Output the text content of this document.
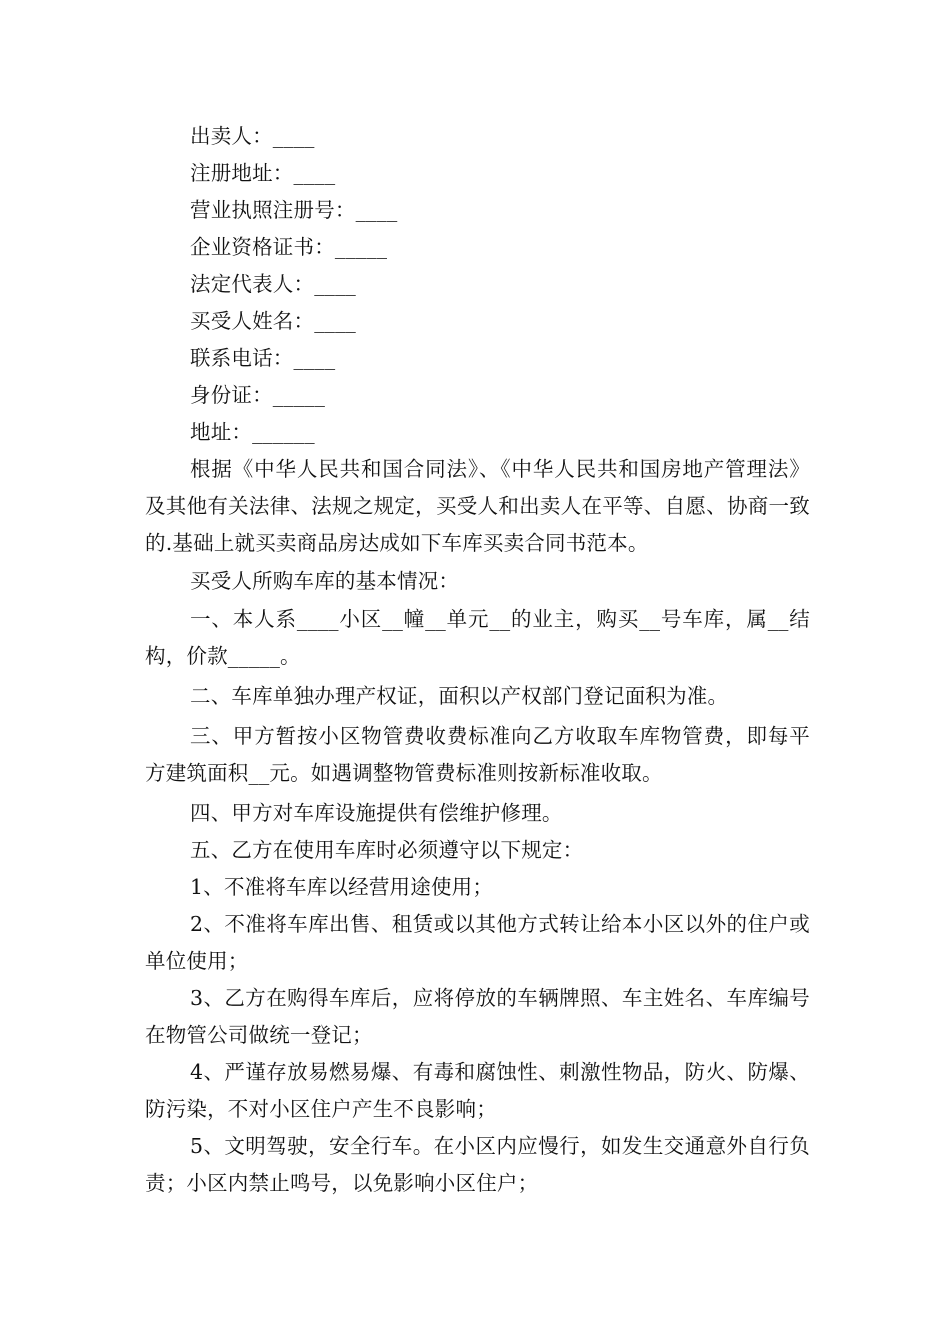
出卖人：____
注册地址：____
营业执照注册号：____
企业资格证书：_____
法定代表人：____
买受人姓名：____
联系电话：____
身份证：_____
地址：______

根据《中华人民共和国合同法》、《中华人民共和国房地产管理法》及其他有关法律、法规之规定，买受人和出卖人在平等、自愿、协商一致的.基础上就买卖商品房达成如下车库买卖合同书范本。

买受人所购车库的基本情况：

一、本人系____小区__幢__单元__的业主，购买__号车库，属__结构，价款_____。

二、车库单独办理产权证，面积以产权部门登记面积为准。

三、甲方暂按小区物管费收费标准向乙方收取车库物管费，即每平方建筑面积__元。如遇调整物管费标准则按新标准收取。

四、甲方对车库设施提供有偿维护修理。

五、乙方在使用车库时必须遵守以下规定：

1、不准将车库以经营用途使用；

2、不准将车库出售、租赁或以其他方式转让给本小区以外的住户或单位使用；

3、乙方在购得车库后，应将停放的车辆牌照、车主姓名、车库编号在物管公司做统一登记；

4、严谨存放易燃易爆、有毒和腐蚀性、刺激性物品，防火、防爆、防污染，不对小区住户产生不良影响；

5、文明驾驶，安全行车。在小区内应慢行，如发生交通意外自行负责；小区内禁止鸣号，以免影响小区住户；
